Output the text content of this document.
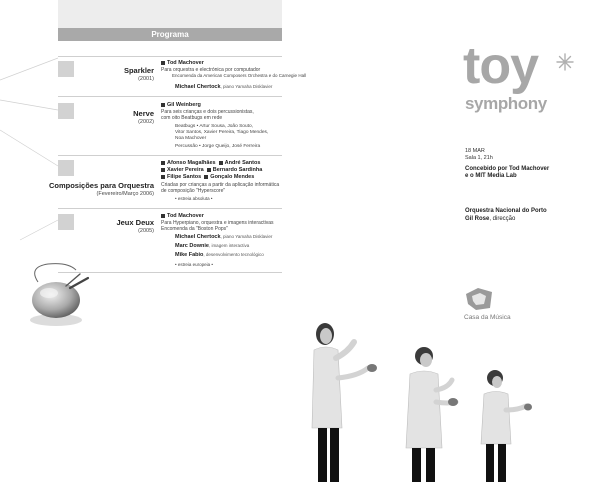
Programa
Sparkler
(2001)
Tod Machover
Para orquestra e electrónica por computador
Encomenda da American Composers Orchestra e do Carnegie Hall
Michael Chertock, piano Yamaha Disklavier
Nerve
(2002)
Gil Weinberg
Para seis crianças e dois percussionistas,
com oito Beatbugs em rede
Beatbugs • Artur Sousa, João Souto,
Vitor Santos, Xavier Pereira, Tiago Mendes,
Noa Machover
Percussão • Jorge Queijo, José Ferreira
Composições para Orquestra
(Fevereiro/Março 2006)
Afonso Magalhães André Santos
Xavier Pereira Bernardo Sardinha
Filipe Santos Gonçalo Mendes
Criadas por crianças a partir da aplicação informática
de composição "Hyperscore"
• estreia absoluta •
Jeux Deux
(2005)
Tod Machover
Para Hyperpiano, orquestra e imagens interactivas
Encomenda da "Boston Pops"
Michael Chertock, piano Yamaha Disklavier
Marc Downie, imagem interactiva
Mike Fabio, desenvolvimento tecnológico
• estreia europeia •
toy
symphony
18 MAR
Sala 1, 21h
Concebido por Tod Machover
e o MIT Media Lab
Orquestra Nacional do Porto
Gil Rose, direcção
Casa da Música
